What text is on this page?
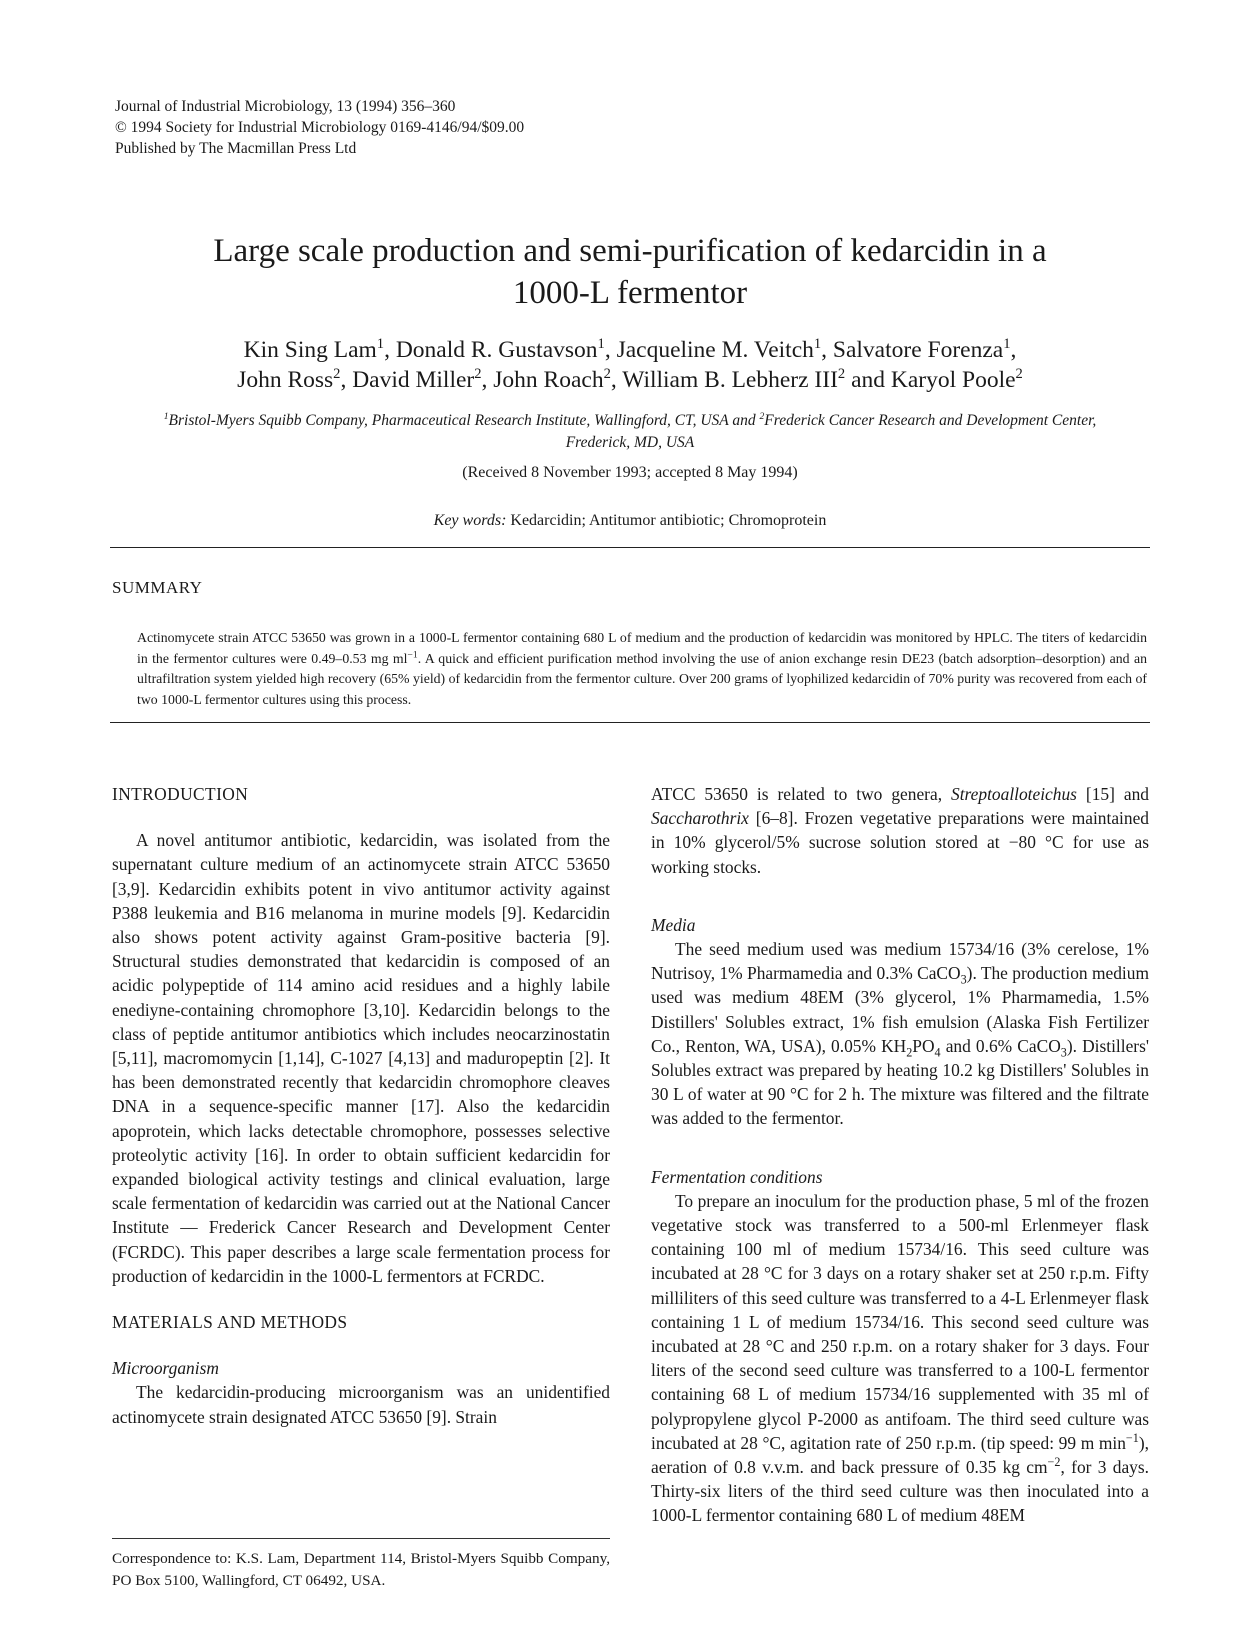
Journal of Industrial Microbiology, 13 (1994) 356–360
© 1994 Society for Industrial Microbiology 0169-4146/94/$09.00
Published by The Macmillan Press Ltd
Large scale production and semi-purification of kedarcidin in a
1000-L fermentor
Kin Sing Lam$^1$, Donald R. Gustavson$^1$, Jacqueline M. Veitch$^1$, Salvatore Forenza$^1$,
John Ross$^2$, David Miller$^2$, John Roach$^2$, William B. Lebherz III$^2$ and Karyol Poole$^2$
$^1$Bristol-Myers Squibb Company, Pharmaceutical Research Institute, Wallingford, CT, USA and $^2$Frederick Cancer Research and Development Center, Frederick, MD, USA
(Received 8 November 1993; accepted 8 May 1994)
Key words: Kedarcidin; Antitumor antibiotic; Chromoprotein
SUMMARY
Actinomycete strain ATCC 53650 was grown in a 1000-L fermentor containing 680 L of medium and the production of kedarcidin was monitored by HPLC. The titers of kedarcidin in the fermentor cultures were 0.49–0.53 mg $ml^{-1}$. A quick and efficient purification method involving the use of anion exchange resin DE23 (batch adsorption–desorption) and an ultrafiltration system yielded high recovery (65% yield) of kedarcidin from the fermentor culture. Over 200 grams of lyophilized kedarcidin of 70% purity was recovered from each of two 1000-L fermentor cultures using this process.

INTRODUCTION

A novel antitumor antibiotic, kedarcidin, was isolated from the supernatant culture medium of an actinomycete strain ATCC 53650 [3,9]. Kedarcidin exhibits potent in vivo antitumor activity against P388 leukemia and B16 melanoma in murine models [9]. Kedarcidin also shows potent activity against Gram-positive bacteria [9]. Structural studies demonstrated that kedarcidin is composed of an acidic polypeptide of 114 amino acid residues and a highly labile enediyne-containing chromophore [3,10]. Kedarcidin belongs to the class of peptide antitumor antibiotics which includes neocarzinostatin [5,11], macromomycin [1,14], C-1027 [4,13] and maduropeptin [2]. It has been demonstrated recently that kedarcidin chromophore cleaves DNA in a sequence-specific manner [17]. Also the kedarcidin apoprotein, which lacks detectable chromophore, possesses selective proteolytic activity [16]. In order to obtain sufficient kedarcidin for expanded biological activity testings and clinical evaluation, large scale fermentation of kedarcidin was carried out at the National Cancer Institute — Frederick Cancer Research and Development Center (FCRDC). This paper describes a large scale fermentation process for production of kedarcidin in the 1000-L fermentors at FCRDC.

MATERIALS AND METHODS

Microorganism

The kedarcidin-producing microorganism was an unidentified actinomycete strain designated ATCC 53650 [9]. Strain

ATCC 53650 is related to two genera, Streptoalloteichus [15] and Saccharothrix [6–8]. Frozen vegetative preparations were maintained in 10% glycerol/5% sucrose solution stored at −80 °C for use as working stocks.

Media

The seed medium used was medium 15734/16 (3% cerelose, 1% Nutrisoy, 1% Pharmamedia and 0.3% CaCO$_3$). The production medium used was medium 48EM (3% glycerol, 1% Pharmamedia, 1.5% Distillers' Solubles extract, 1% fish emulsion (Alaska Fish Fertilizer Co., Renton, WA, USA), 0.05% $KH_2PO_4$ and 0.6% CaCO$_3$). Distillers' Solubles extract was prepared by heating 10.2 kg Distillers' Solubles in 30 L of water at 90 °C for 2 h. The mixture was filtered and the filtrate was added to the fermentor.

Fermentation conditions

To prepare an inoculum for the production phase, 5 ml of the frozen vegetative stock was transferred to a 500-ml Erlenmeyer flask containing 100 ml of medium 15734/16. This seed culture was incubated at 28 °C for 3 days on a rotary shaker set at 250 r.p.m. Fifty milliliters of this seed culture was transferred to a 4-L Erlenmeyer flask containing 1 L of medium 15734/16. This second seed culture was incubated at 28 °C and 250 r.p.m. on a rotary shaker for 3 days. Four liters of the second seed culture was transferred to a 100-L fermentor containing 68 L of medium 15734/16 supplemented with 35 ml of polypropylene glycol P-2000 as antifoam. The third seed culture was incubated at 28 °C, agitation rate of 250 r.p.m. (tip speed: 99 m $\min^{-1}$), aeration of 0.8 v.v.m. and back pressure of 0.35 kg $cm^{-2}$, for 3 days. Thirty-six liters of the third seed culture was then inoculated into a 1000-L fermentor containing 680 L of medium 48EM

Correspondence to: K.S. Lam, Department 114, Bristol-Myers Squibb Company, PO Box 5100, Wallingford, CT 06492, USA.
